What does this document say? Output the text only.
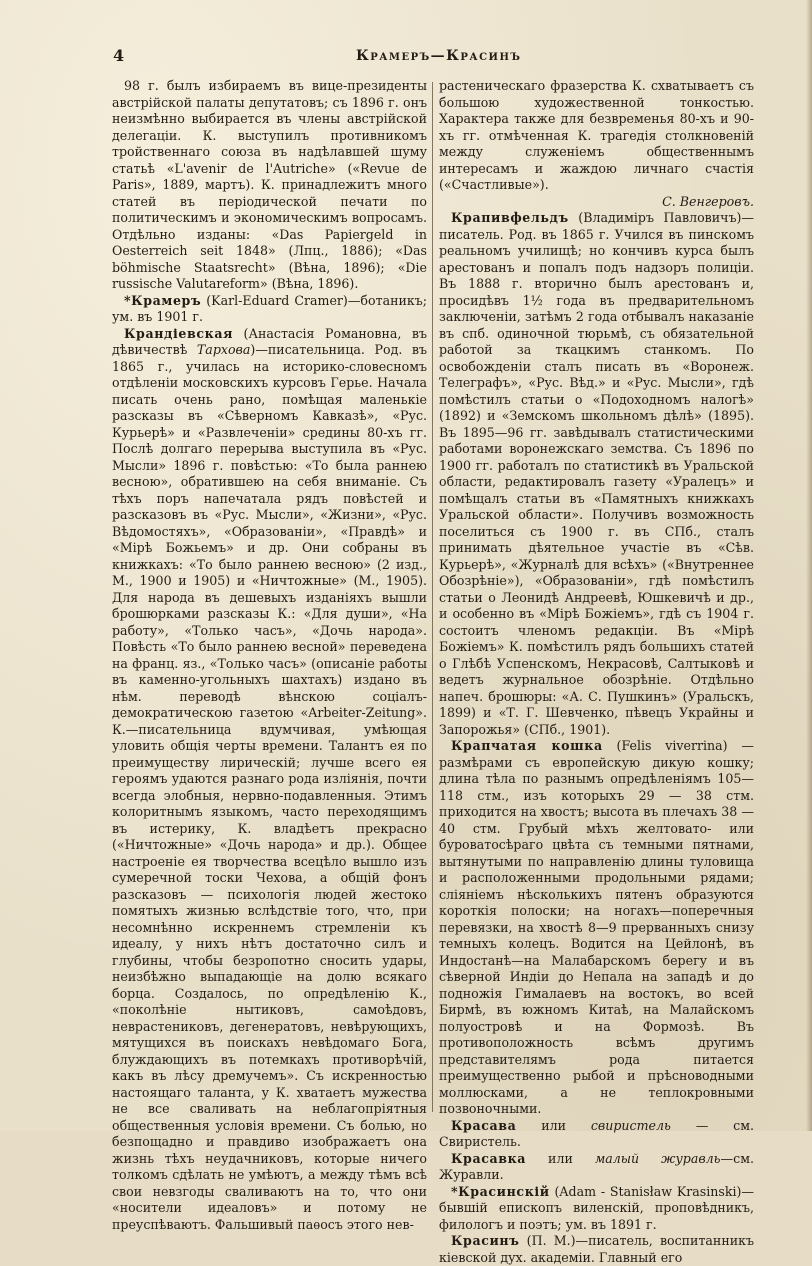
4	Крамеръ—Красинъ

98 г. былъ избираемъ въ вице-президенты австрійской палаты депутатовъ; съ 1896 г. онъ неизмѣнно выбирается въ члены австрійской делегаціи. К. выступилъ противникомъ тройственнаго союза въ надѣлавшей шуму статьѣ «L'avenir de l'Autriche» («Revue de Paris», 1889, мартъ). К. принадлежитъ много статей въ періодической печати по политическимъ и экономическимъ вопросамъ. Отдѣльно изданы: «Das Papiergeld in Oesterreich seit 1848» (Лпц., 1886); «Das böhmische Staatsrecht» (Вѣна, 1896); «Die russische Valutareform» (Вѣна, 1896).

*Крамеръ (Karl-Eduard Cramer)—ботаникъ; ум. въ 1901 г.

Крандіевская (Анастасія Романовна, въ дѣвичествѣ Тархова)—писательница. Род. въ 1865 г., училась на историко-словесномъ отдѣленіи московскихъ курсовъ Герье. Начала писать очень рано, помѣщая маленькіе разсказы въ «Сѣверномъ Кавказѣ», «Рус. Курьерѣ» и «Развлеченіи» средины 80-хъ гг. Послѣ долгаго перерыва выступила въ «Рус. Мысли» 1896 г. повѣстью: «То была раннею весною», обратившею на себя вниманіе. Съ тѣхъ поръ напечатала рядъ повѣстей и разсказовъ въ «Рус. Мысли», «Жизни», «Рус. Вѣдомостяхъ», «Образованіи», «Правдѣ» и «Мірѣ Божьемъ» и др. Они собраны въ книжкахъ: «То было раннею весною» (2 изд., М., 1900 и 1905) и «Ничтожные» (М., 1905). Для народа въ дешевыхъ изданіяхъ вышли брошюрками разсказы К.: «Для души», «На работу», «Только часъ», «Дочь народа». Повѣсть «То было раннею весной» переведена на франц. яз., «Только часъ» (описаніе работы въ каменно-угольныхъ шахтахъ) издано въ нѣм. переводѣ вѣнскою соціалъ-демократическою газетою «Arbeiter-Zeitung». К.—писательница вдумчивая, умѣющая уловить общія черты времени. Талантъ ея по преимуществу лирическій; лучше всего ея героямъ удаются разнаго рода изліянія, почти всегда элобныя, нервно-подавленныя. Этимъ колоритнымъ языкомъ, часто переходящимъ въ истерику, К. владѣетъ прекрасно («Ничтожные» «Дочь народа» и др.). Общее настроеніе ея творчества всецѣло вышло изъ сумеречной тоски Чехова, а общій фонъ разсказовъ — психологія людей жестоко помятыхъ жизнью вслѣдствіе того, что, при несомнѣнно искреннемъ стремленіи къ идеалу, у нихъ нѣтъ достаточно силъ и глубины, чтобы безропотно сносить удары, неизбѣжно выпадающіе на долю всякаго борца. Создалось, по опредѣленію К., «поколѣніе нытиковъ, самоѣдовъ, неврастениковъ, дегенератовъ, невѣрующихъ, мятущихся въ поискахъ невѣдомаго Бога, блуждающихъ въ потемкахъ противорѣчій, какъ въ лѣсу дремучемъ». Съ искренностью настоящаго таланта, у К. хватаетъ мужества не все сваливать на неблагопріятныя общественныя условія времени. Съ болью, но безпощадно и правдиво изображаетъ она жизнь тѣхъ неудачниковъ, которые ничего толкомъ сдѣлать не умѣютъ, а между тѣмъ всѣ свои невзгоды сваливаютъ на то, что они «носители идеаловъ» и потому не преуспѣваютъ. Фальшивый паѳосъ этого нев-

растеническаго фразерства К. схватываетъ съ большою художественной тонкостью. Характера также для безвременья 80-хъ и 90-хъ гг. отмѣченная К. трагедія столкновеній между служеніемъ общественнымъ интересамъ и жаждою личнаго счастія («Счастливые»).
С. Венгеровъ.

Крапивфельдъ (Владиміръ Павловичъ)—писатель. Род. въ 1865 г. Учился въ пинскомъ реальномъ училищѣ; но кончивъ курса былъ арестованъ и попалъ подъ надзоръ полиціи. Въ 1888 г. вторично былъ арестованъ и, просидѣвъ 1½ года въ предварительномъ заключеніи, затѣмъ 2 года отбывалъ наказаніе въ спб. одиночной тюрьмѣ, съ обязательной работой за ткацкимъ станкомъ. По освобожденіи сталъ писать въ «Воронеж. Телеграфъ», «Рус. Вѣд.» и «Рус. Мысли», гдѣ помѣстилъ статьи о «Подоходномъ налогѣ» (1892) и «Земскомъ школьномъ дѣлѣ» (1895). Въ 1895—96 гг. завѣдывалъ статистическими работами воронежскаго земства. Съ 1896 по 1900 гг. работалъ по статистикѣ въ Уральской области, редактировалъ газету «Уралецъ» и помѣщалъ статьи въ «Памятныхъ книжкахъ Уральской области». Получивъ возможность поселиться съ 1900 г. въ СПб., сталъ принимать дѣятельное участіе въ «Сѣв. Курьерѣ», «Журналѣ для всѣхъ» («Внутреннее Обозрѣніе»), «Образованіи», гдѣ помѣстилъ статьи о Леонидѣ Андреевѣ, Юшкевичѣ и др., и особенно въ «Мірѣ Божіемъ», гдѣ съ 1904 г. состоитъ членомъ редакціи. Въ «Мірѣ Божіемъ» К. помѣстилъ рядъ большихъ статей о Глѣбѣ Успенскомъ, Некрасовѣ, Салтыковѣ и ведетъ журнальное обозрѣніе. Отдѣльно напеч. брошюры: «А. С. Пушкинъ» (Уральскъ, 1899) и «Т. Г. Шевченко, пѣвецъ Украйны и Запорожья» (СПб., 1901).

Крапчатая кошка (Felis viverrina) —размѣрами съ европейскую дикую кошку; длина тѣла по разнымъ опредѣленіямъ 105—118 стм., изъ которыхъ 29 — 38 стм. приходится на хвостъ; высота въ плечахъ 38 — 40 стм. Грубый мѣхъ желтовато- или буроватосѣраго цвѣта съ темными пятнами, вытянутыми по направленію длины туловища и расположенными продольными рядами; сліяніемъ нѣсколькихъ пятенъ образуются короткія полоски; на ногахъ—поперечныя перевязки, на хвостѣ 8—9 прерванныхъ снизу темныхъ колецъ. Водится на Цейлонѣ, въ Индостанѣ—на Малабарскомъ берегу и въ сѣверной Индіи до Непала на западѣ и до подножія Гималаевъ на востокъ, во всей Бирмѣ, въ южномъ Китаѣ, на Малайскомъ полуостровѣ и на Формозѣ. Въ противоположность всѣмъ другимъ представителямъ рода питается преимущественно рыбой и прѣсноводными моллюсками, а не теплокровными позвоночными.

Красава или свиристель — см. Свиристель.

Красавка или малый журавль—см. Журавли.

*Красинскій (Adam - Stanisław Krasinski)—бывшій епископъ виленскій, проповѣдникъ, филологъ и поэтъ; ум. въ 1891 г.

Красинъ (П. М.)—писатель, воспитанникъ кіевской дух. академіи. Главный его
